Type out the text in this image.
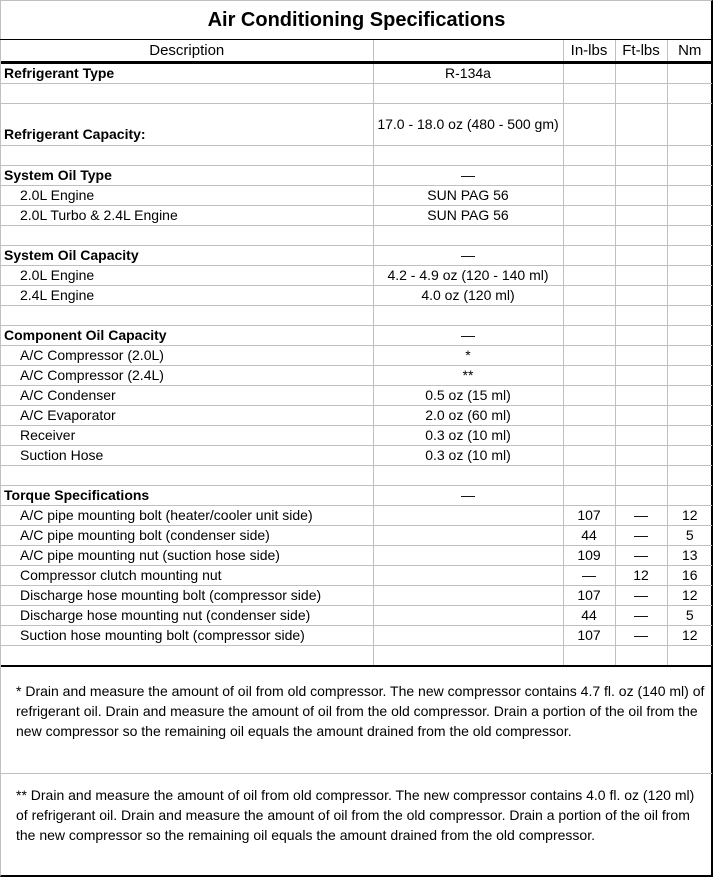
Air Conditioning Specifications
Description		In-lbs	Ft-lbs	Nm
Refrigerant Type	R-134a			

Refrigerant Capacity:	17.0 - 18.0 oz (480 - 500 gm)			

System Oil Type	—			
2.0L Engine	SUN PAG 56			
2.0L Turbo & 2.4L Engine	SUN PAG 56			

System Oil Capacity	—			
2.0L Engine	4.2 - 4.9 oz (120 - 140 ml)			
2.4L Engine	4.0 oz (120 ml)			

Component Oil Capacity	—			
A/C Compressor (2.0L)	*			
A/C Compressor (2.4L)	**			
A/C Condenser	0.5 oz (15 ml)			
A/C Evaporator	2.0 oz (60 ml)			
Receiver	0.3 oz (10 ml)			
Suction Hose	0.3 oz (10 ml)			

Torque Specifications	—			
A/C pipe mounting bolt (heater/cooler unit side)		107	—	12
A/C pipe mounting bolt (condenser side)		44	—	5
A/C pipe mounting nut (suction hose side)		109	—	13
Compressor clutch mounting nut		—	12	16
Discharge hose mounting bolt (compressor side)		107	—	12
Discharge hose mounting nut (condenser side)		44	—	5
Suction hose mounting bolt (compressor side)		107	—	12

* Drain and measure the amount of oil from old compressor. The new compressor contains 4.7 fl. oz (140 ml) of refrigerant oil. Drain and measure the amount of oil from the old compressor. Drain a portion of the oil from the new compressor so the remaining oil equals the amount drained from the old compressor.
** Drain and measure the amount of oil from old compressor. The new compressor contains 4.0 fl. oz (120 ml) of refrigerant oil. Drain and measure the amount of oil from the old compressor. Drain a portion of the oil from the new compressor so the remaining oil equals the amount drained from the old compressor.
